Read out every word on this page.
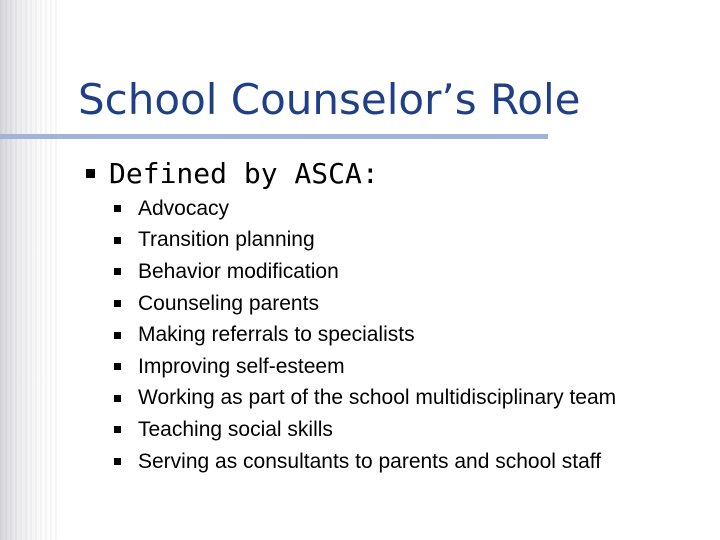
School Counselor’s Role
Defined by ASCA:
Advocacy
Transition planning
Behavior modification
Counseling parents
Making referrals to specialists
Improving self-esteem
Working as part of the school multidisciplinary team
Teaching social skills
Serving as consultants to parents and school staff
